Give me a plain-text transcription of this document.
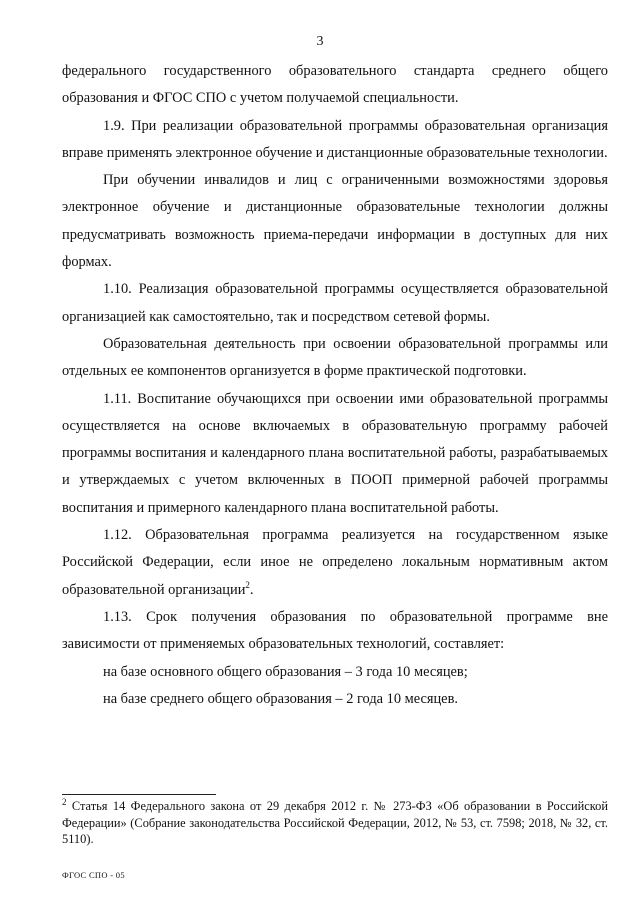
3

федерального государственного образовательного стандарта среднего общего образования и ФГОС СПО с учетом получаемой специальности.

1.9. При реализации образовательной программы образовательная организация вправе применять электронное обучение и дистанционные образовательные технологии.

При обучении инвалидов и лиц с ограниченными возможностями здоровья электронное обучение и дистанционные образовательные технологии должны предусматривать возможность приема-передачи информации в доступных для них формах.

1.10. Реализация образовательной программы осуществляется образовательной организацией как самостоятельно, так и посредством сетевой формы.

Образовательная деятельность при освоении образовательной программы или отдельных ее компонентов организуется в форме практической подготовки.

1.11. Воспитание обучающихся при освоении ими образовательной программы осуществляется на основе включаемых в образовательную программу рабочей программы воспитания и календарного плана воспитательной работы, разрабатываемых и утверждаемых с учетом включенных в ПООП примерной рабочей программы воспитания и примерного календарного плана воспитательной работы.

1.12. Образовательная программа реализуется на государственном языке Российской Федерации, если иное не определено локальным нормативным актом образовательной организации$^2$.

1.13. Срок получения образования по образовательной программе вне зависимости от применяемых образовательных технологий, составляет:

на базе основного общего образования – 3 года 10 месяцев;

на базе среднего общего образования – 2 года 10 месяцев.

$^2$ Статья 14 Федерального закона от 29 декабря 2012 г. № 273-ФЗ «Об образовании в Российской Федерации» (Собрание законодательства Российской Федерации, 2012, № 53, ст. 7598; 2018, № 32, ст. 5110).

ФГОС СПО - 05
